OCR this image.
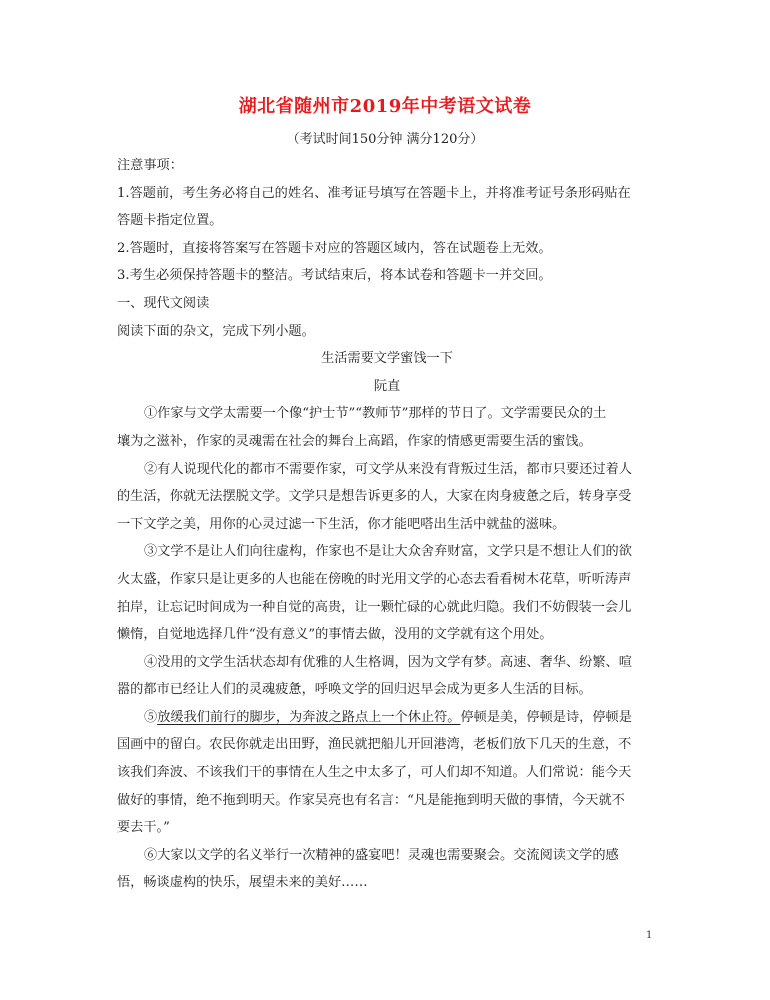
湖北省随州市2019年中考语文试卷
（考试时间150分钟 满分120分）
注意事项：
1.答题前，考生务必将自己的姓名、准考证号填写在答题卡上，并将准考证号条形码贴在
答题卡指定位置。
2.答题时，直接将答案写在答题卡对应的答题区域内，答在试题卷上无效。
3.考生必须保持答题卡的整洁。考试结束后，将本试卷和答题卡一并交回。
一、现代文阅读
阅读下面的杂文，完成下列小题。
生活需要文学蜜饯一下
阮直
①作家与文学太需要一个像“护士节”“教师节”那样的节日了。文学需要民众的土
壤为之滋补，作家的灵魂需在社会的舞台上高蹈，作家的情感更需要生活的蜜饯。
②有人说现代化的都市不需要作家，可文学从来没有背叛过生活，都市只要还过着人
的生活，你就无法摆脱文学。文学只是想告诉更多的人，大家在肉身疲惫之后，转身享受
一下文学之美，用你的心灵过滤一下生活，你才能吧嗒出生活中就盐的滋味。
③文学不是让人们向往虚构，作家也不是让大众舍弃财富，文学只是不想让人们的欲
火太盛，作家只是让更多的人也能在傍晚的时光用文学的心态去看看树木花草，听听涛声
拍岸，让忘记时间成为一种自觉的高贵，让一颗忙碌的心就此归隐。我们不妨假装一会儿
懒惰，自觉地选择几件“没有意义”的事情去做，没用的文学就有这个用处。
④没用的文学生活状态却有优雅的人生格调，因为文学有梦。高速、奢华、纷繁、喧
嚣的都市已经让人们的灵魂疲惫，呼唤文学的回归迟早会成为更多人生活的目标。
⑤放缓我们前行的脚步，为奔波之路点上一个休止符。停顿是美，停顿是诗，停顿是
国画中的留白。农民你就走出田野，渔民就把船儿开回港湾，老板们放下几天的生意，不
该我们奔波、不该我们干的事情在人生之中太多了，可人们却不知道。人们常说：能今天
做好的事情，绝不拖到明天。作家吴亮也有名言：“凡是能拖到明天做的事情，今天就不
要去干。”
⑥大家以文学的名义举行一次精神的盛宴吧！灵魂也需要聚会。交流阅读文学的感
悟，畅谈虚构的快乐，展望未来的美好……
1
